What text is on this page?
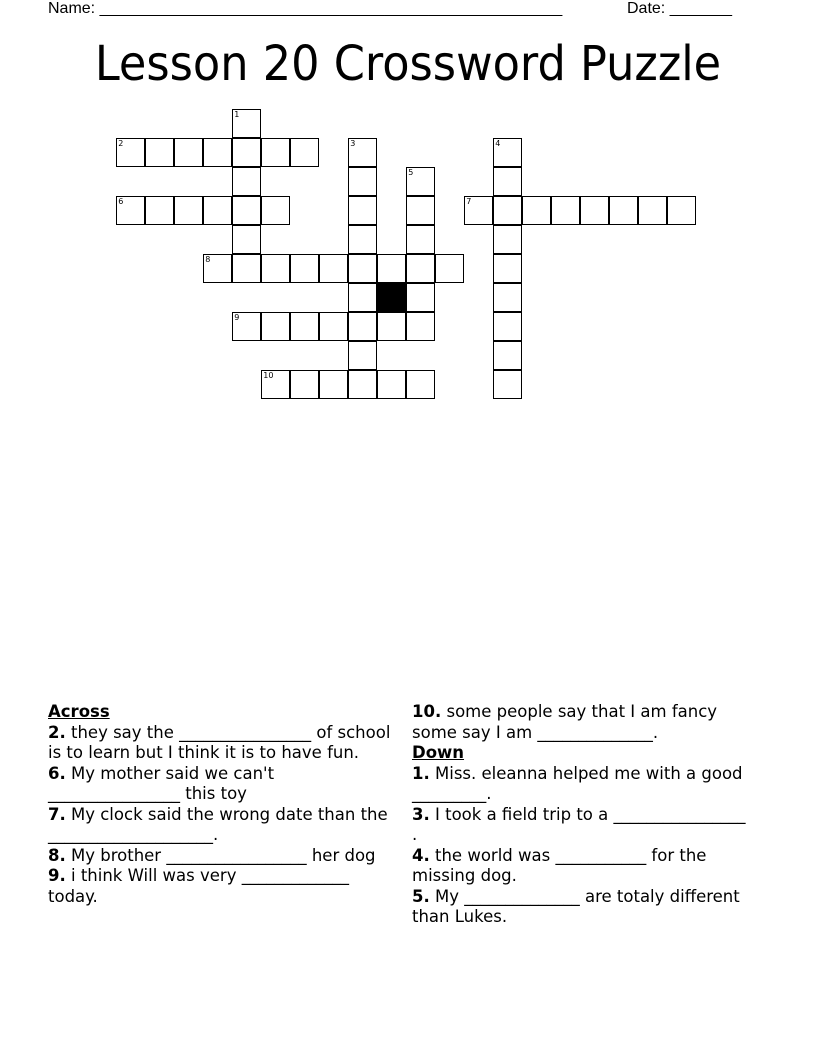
Name: ____________________________________________________	Date: _______
Lesson 20 Crossword Puzzle
1
2	3	4
5
6	7
8
9
10
Across
2. they say the ________________ of school is to learn but I think it is to have fun.
6. My mother said we can't ________________ this toy
7. My clock said the wrong date than the ____________________.
8. My brother _________________ her dog
9. i think Will was very _____________ today.
10. some people say that I am fancy some say I am ______________.
Down
1. Miss. eleanna helped me with a good _________.
3. I took a field trip to a ________________ .
4. the world was ___________ for the missing dog.
5. My ______________ are totaly different than Lukes.
